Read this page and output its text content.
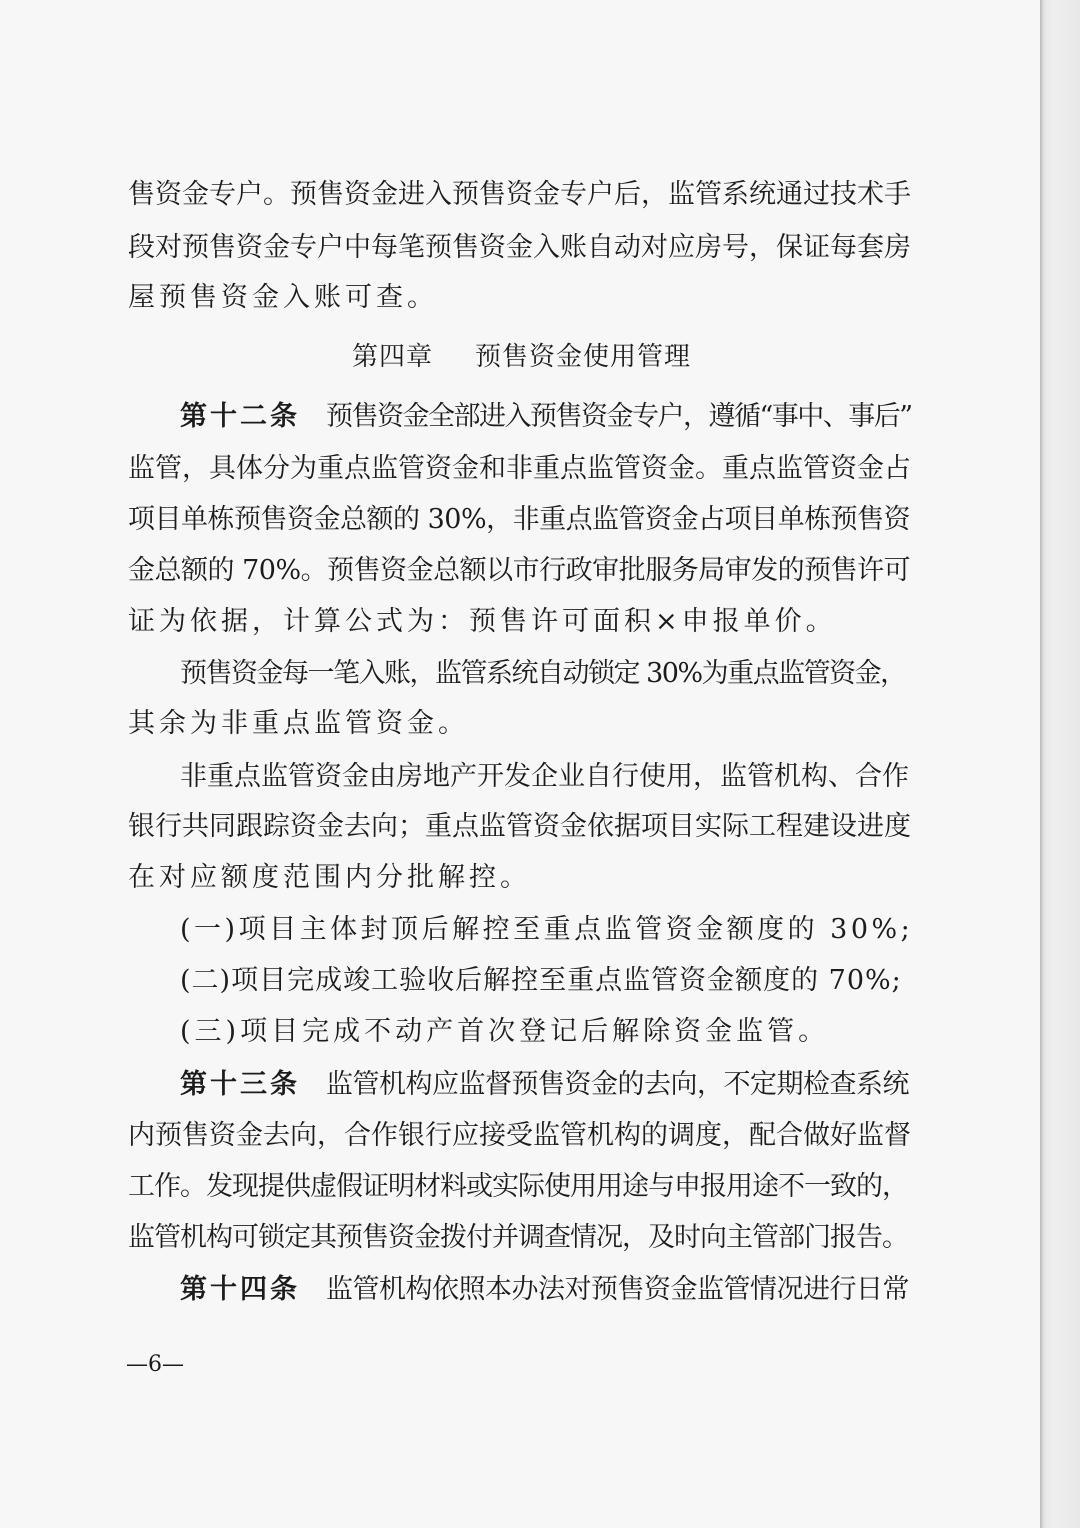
售资金专户。预售资金进入预售资金专户后，监管系统通过技术手
段对预售资金专户中每笔预售资金入账自动对应房号，保证每套房
屋预售资金入账可查。
第四章 预售资金使用管理
第十二条 预售资金全部进入预售资金专户，遵循“事中、事后”
监管，具体分为重点监管资金和非重点监管资金。重点监管资金占
项目单栋预售资金总额的 30%，非重点监管资金占项目单栋预售资
金总额的 70%。预售资金总额以市行政审批服务局审发的预售许可
证为依据，计算公式为：预售许可面积×申报单价。
预售资金每一笔入账，监管系统自动锁定 30%为重点监管资金，
其余为非重点监管资金。
非重点监管资金由房地产开发企业自行使用，监管机构、合作
银行共同跟踪资金去向；重点监管资金依据项目实际工程建设进度
在对应额度范围内分批解控。
(一)项目主体封顶后解控至重点监管资金额度的 30%;
(二)项目完成竣工验收后解控至重点监管资金额度的 70%;
(三)项目完成不动产首次登记后解除资金监管。
第十三条 监管机构应监督预售资金的去向，不定期检查系统
内预售资金去向，合作银行应接受监管机构的调度，配合做好监督
工作。发现提供虚假证明材料或实际使用用途与申报用途不一致的，
监管机构可锁定其预售资金拨付并调查情况，及时向主管部门报告。
第十四条 监管机构依照本办法对预售资金监管情况进行日常
—6—
